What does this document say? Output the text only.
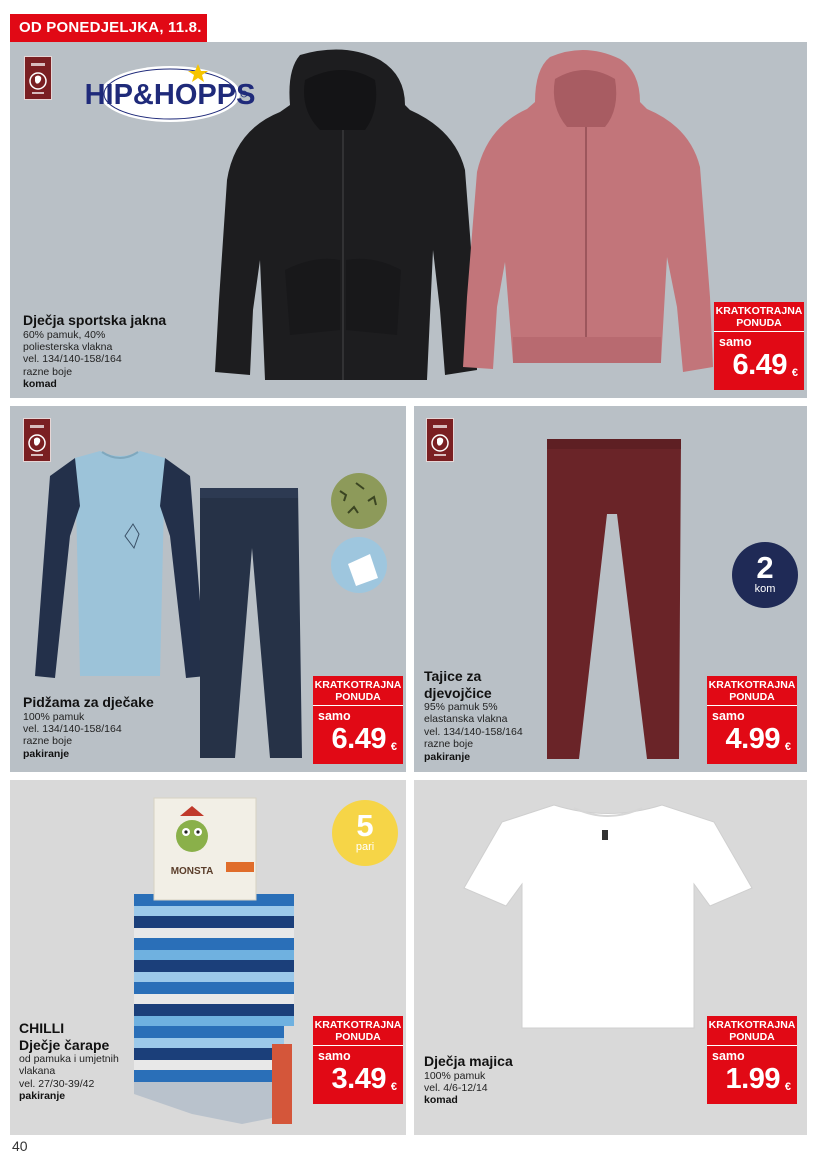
OD PONEDJELJKA, 11.8.
HIP&HOPPS
Dječja sportska jakna
60% pamuk, 40%
poliesterska vlakna
vel. 134/140-158/164
razne boje
komad
KRATKOTRAJNA PONUDA
samo
6.49 €
Pidžama za dječake
100% pamuk
vel. 134/140-158/164
razne boje
pakiranje
KRATKOTRAJNA PONUDA
samo
6.49 €
2
kom
Tajice za
djevojčice
95% pamuk 5%
elastanska vlakna
vel. 134/140-158/164
razne boje
pakiranje
KRATKOTRAJNA PONUDA
samo
4.99 €
MONSTA
5
pari
CHILLI
Dječje čarape
od pamuka i umjetnih
vlakana
vel. 27/30-39/42
pakiranje
KRATKOTRAJNA PONUDA
samo
3.49 €
Dječja majica
100% pamuk
vel. 4/6-12/14
komad
KRATKOTRAJNA PONUDA
samo
1.99 €
40
